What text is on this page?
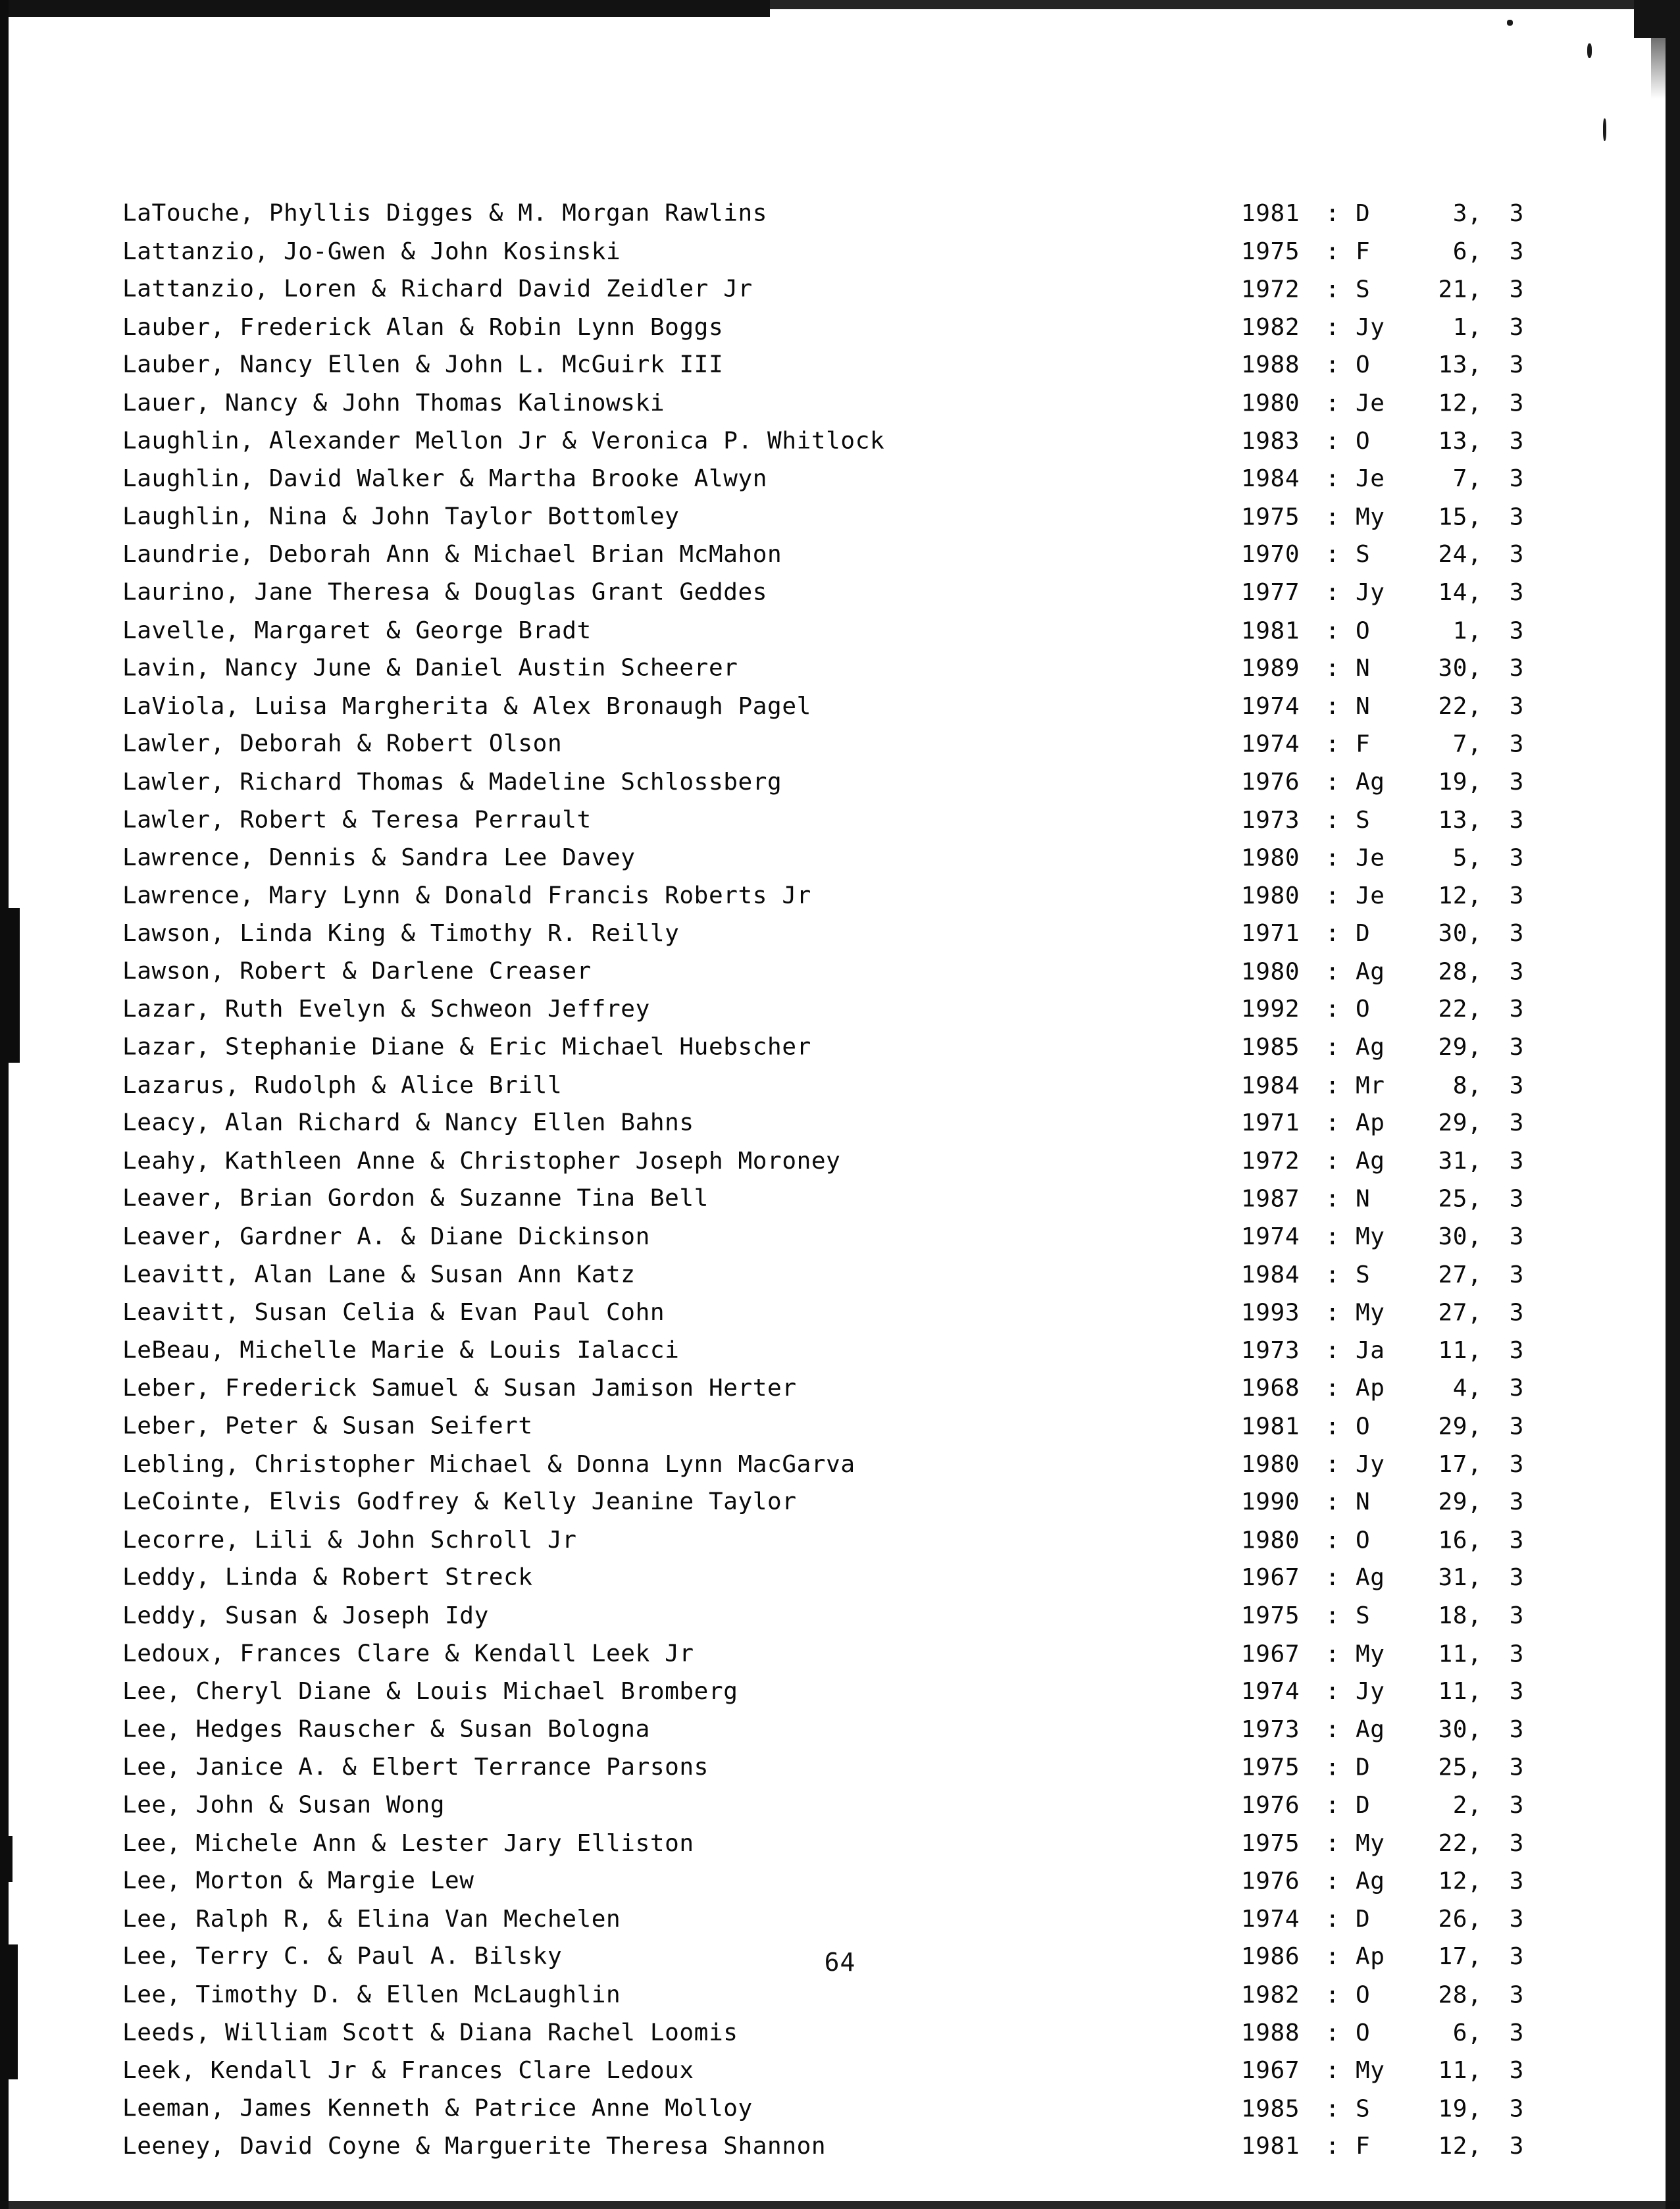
LaTouche, Phyllis Digges & M. Morgan Rawlins	1981	: D	3 ,	3
Lattanzio, Jo-Gwen & John Kosinski	1975	: F	6 ,	3
Lattanzio, Loren & Richard David Zeidler Jr	1972	: S	21 ,	3
Lauber, Frederick Alan & Robin Lynn Boggs	1982	: Jy	1 ,	3
Lauber, Nancy Ellen & John L. McGuirk III	1988	: O	13 ,	3
Lauer, Nancy & John Thomas Kalinowski	1980	: Je	12 ,	3
Laughlin, Alexander Mellon Jr & Veronica P. Whitlock	1983	: O	13 ,	3
Laughlin, David Walker & Martha Brooke Alwyn	1984	: Je	7 ,	3
Laughlin, Nina & John Taylor Bottomley	1975	: My	15 ,	3
Laundrie, Deborah Ann & Michael Brian McMahon	1970	: S	24 ,	3
Laurino, Jane Theresa & Douglas Grant Geddes	1977	: Jy	14 ,	3
Lavelle, Margaret & George Bradt	1981	: O	1 ,	3
Lavin, Nancy June & Daniel Austin Scheerer	1989	: N	30 ,	3
LaViola, Luisa Margherita & Alex Bronaugh Pagel	1974	: N	22 ,	3
Lawler, Deborah & Robert Olson	1974	: F	7 ,	3
Lawler, Richard Thomas & Madeline Schlossberg	1976	: Ag	19 ,	3
Lawler, Robert & Teresa Perrault	1973	: S	13 ,	3
Lawrence, Dennis & Sandra Lee Davey	1980	: Je	5 ,	3
Lawrence, Mary Lynn & Donald Francis Roberts Jr	1980	: Je	12 ,	3
Lawson, Linda King & Timothy R. Reilly	1971	: D	30 ,	3
Lawson, Robert & Darlene Creaser	1980	: Ag	28 ,	3
Lazar, Ruth Evelyn & Schweon Jeffrey	1992	: O	22 ,	3
Lazar, Stephanie Diane & Eric Michael Huebscher	1985	: Ag	29 ,	3
Lazarus, Rudolph & Alice Brill	1984	: Mr	8 ,	3
Leacy, Alan Richard & Nancy Ellen Bahns	1971	: Ap	29 ,	3
Leahy, Kathleen Anne & Christopher Joseph Moroney	1972	: Ag	31 ,	3
Leaver, Brian Gordon & Suzanne Tina Bell	1987	: N	25 ,	3
Leaver, Gardner A. & Diane Dickinson	1974	: My	30 ,	3
Leavitt, Alan Lane & Susan Ann Katz	1984	: S	27 ,	3
Leavitt, Susan Celia & Evan Paul Cohn	1993	: My	27 ,	3
LeBeau, Michelle Marie & Louis Ialacci	1973	: Ja	11 ,	3
Leber, Frederick Samuel & Susan Jamison Herter	1968	: Ap	4 ,	3
Leber, Peter & Susan Seifert	1981	: O	29 ,	3
Lebling, Christopher Michael & Donna Lynn MacGarva	1980	: Jy	17 ,	3
LeCointe, Elvis Godfrey & Kelly Jeanine Taylor	1990	: N	29 ,	3
Lecorre, Lili & John Schroll Jr	1980	: O	16 ,	3
Leddy, Linda & Robert Streck	1967	: Ag	31 ,	3
Leddy, Susan & Joseph Idy	1975	: S	18 ,	3
Ledoux, Frances Clare & Kendall Leek Jr	1967	: My	11 ,	3
Lee, Cheryl Diane & Louis Michael Bromberg	1974	: Jy	11 ,	3
Lee, Hedges Rauscher & Susan Bologna	1973	: Ag	30 ,	3
Lee, Janice A. & Elbert Terrance Parsons	1975	: D	25 ,	3
Lee, John & Susan Wong	1976	: D	2 ,	3
Lee, Michele Ann & Lester Jary Elliston	1975	: My	22 ,	3
Lee, Morton & Margie Lew	1976	: Ag	12 ,	3
Lee, Ralph R, & Elina Van Mechelen	1974	: D	26 ,	3
Lee, Terry C. & Paul A. Bilsky	1986	: Ap	17 ,	3
Lee, Timothy D. & Ellen McLaughlin	1982	: O	28 ,	3
Leeds, William Scott & Diana Rachel Loomis	1988	: O	6 ,	3
Leek, Kendall Jr & Frances Clare Ledoux	1967	: My	11 ,	3
Leeman, James Kenneth & Patrice Anne Molloy	1985	: S	19 ,	3
Leeney, David Coyne & Marguerite Theresa Shannon	1981	: F	12 ,	3
64
